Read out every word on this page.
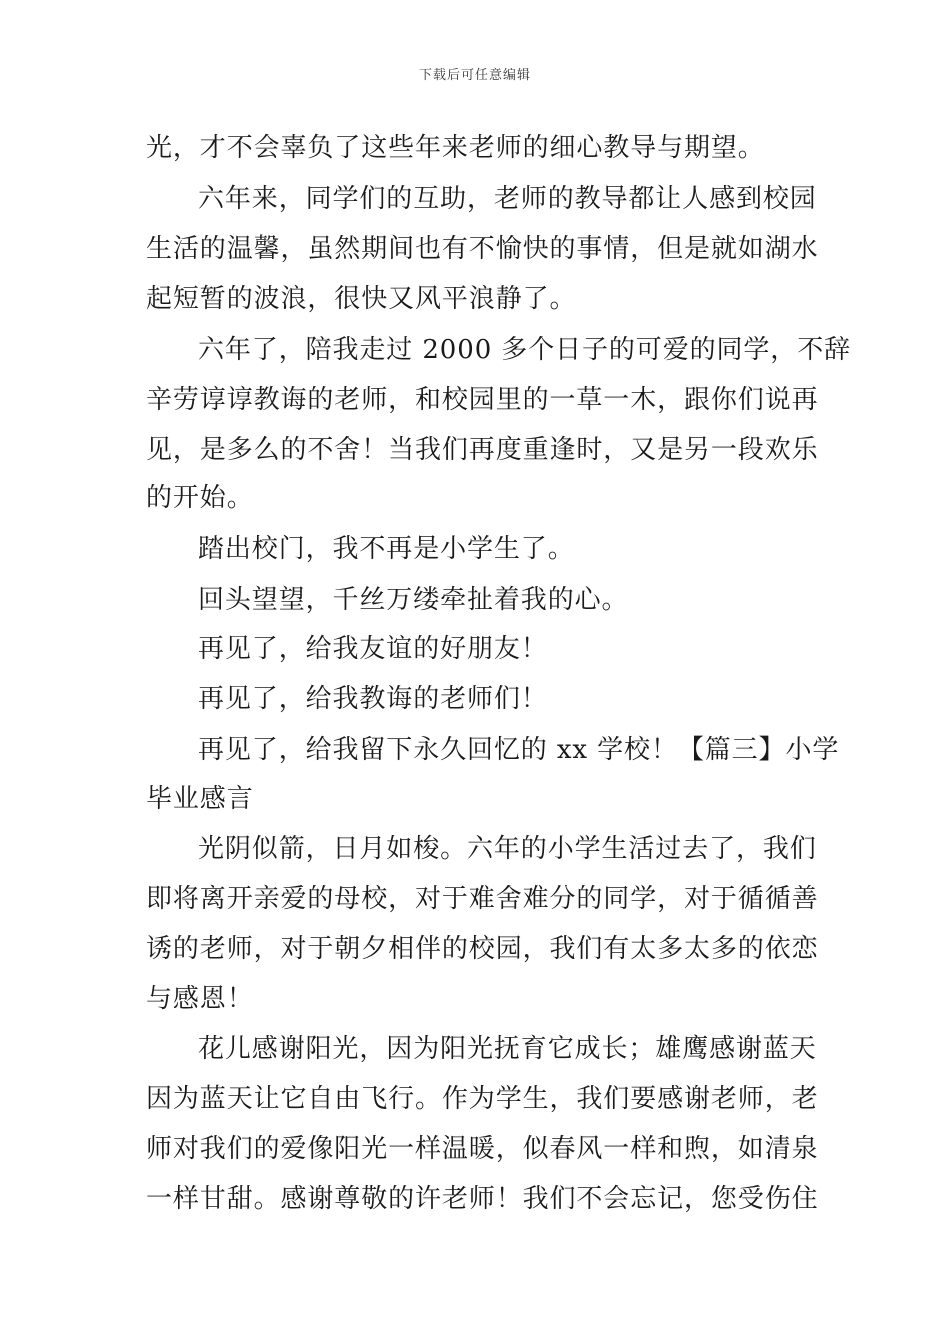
下载后可任意编辑
光，才不会辜负了这些年来老师的细心教导与期望。
六年来，同学们的互助，老师的教导都让人感到校园
生活的温馨，虽然期间也有不愉快的事情，但是就如湖水
起短暂的波浪，很快又风平浪静了。
六年了，陪我走过 2000 多个日子的可爱的同学，不辞
辛劳谆谆教诲的老师，和校园里的一草一木，跟你们说再
见，是多么的不舍！当我们再度重逢时，又是另一段欢乐
的开始。
踏出校门，我不再是小学生了。
回头望望，千丝万缕牵扯着我的心。
再见了，给我友谊的好朋友！
再见了，给我教诲的老师们！
再见了，给我留下永久回忆的 xx 学校！【篇三】小学
毕业感言
光阴似箭，日月如梭。六年的小学生活过去了，我们
即将离开亲爱的母校，对于难舍难分的同学，对于循循善
诱的老师，对于朝夕相伴的校园，我们有太多太多的依恋
与感恩！
花儿感谢阳光，因为阳光抚育它成长；雄鹰感谢蓝天
因为蓝天让它自由飞行。作为学生，我们要感谢老师，老
师对我们的爱像阳光一样温暖，似春风一样和煦，如清泉
一样甘甜。感谢尊敬的许老师！我们不会忘记，您受伤住
